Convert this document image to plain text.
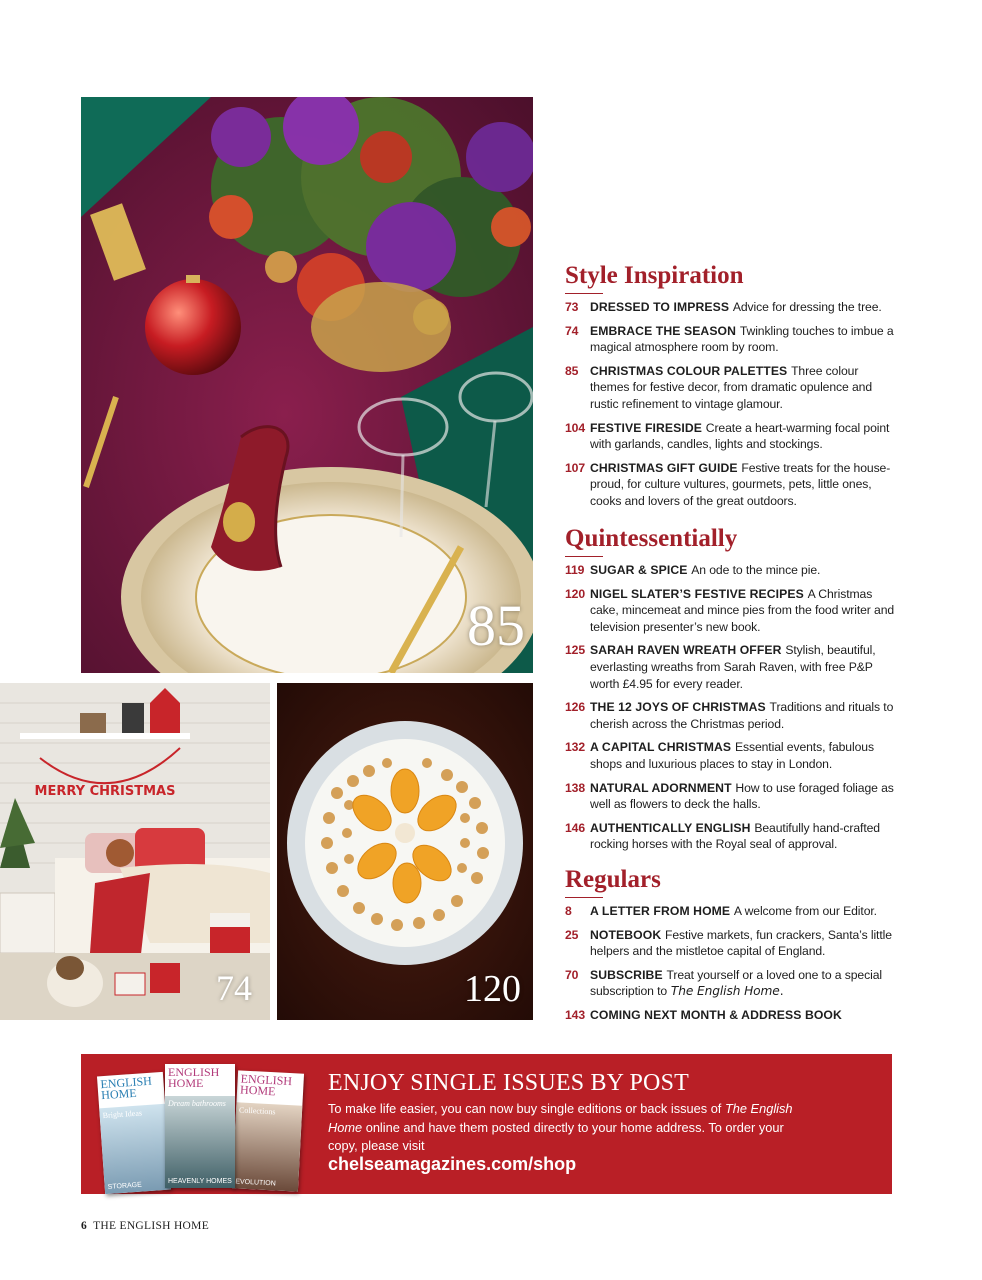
85
MERRY CHRISTMAS
74	120
Style Inspiration
73 DRESSED TO IMPRESS Advice for dressing the tree.
74 EMBRACE THE SEASON Twinkling touches to imbue a magical atmosphere room by room.
85 CHRISTMAS COLOUR PALETTES Three colour themes for festive decor, from dramatic opulence and rustic refinement to vintage glamour.
104 FESTIVE FIRESIDE Create a heart-warming focal point with garlands, candles, lights and stockings.
107 CHRISTMAS GIFT GUIDE Festive treats for the house-proud, for culture vultures, gourmets, pets, little ones, cooks and lovers of the great outdoors.
Quintessentially
119 SUGAR & SPICE An ode to the mince pie.
120 NIGEL SLATER’S FESTIVE RECIPES A Christmas cake, mincemeat and mince pies from the food writer and television presenter’s new book.
125 SARAH RAVEN WREATH OFFER Stylish, beautiful, everlasting wreaths from Sarah Raven, with free P&P worth £4.95 for every reader.
126 THE 12 JOYS OF CHRISTMAS Traditions and rituals to cherish across the Christmas period.
132 A CAPITAL CHRISTMAS Essential events, fabulous shops and luxurious places to stay in London.
138 NATURAL ADORNMENT How to use foraged foliage as well as flowers to deck the halls.
146 AUTHENTICALLY ENGLISH Beautifully hand-crafted rocking horses with the Royal seal of approval.
Regulars
8 A LETTER FROM HOME A welcome from our Editor.
25 NOTEBOOK Festive markets, fun crackers, Santa’s little helpers and the mistletoe capital of England.
70 SUBSCRIBE Treat yourself or a loved one to a special subscription to The English Home.
143 COMING NEXT MONTH & ADDRESS BOOK
ENGLISH HOME
Bright Ideas
STORAGE
ENGLISH HOME
Collections
EVOLUTION
ENGLISH HOME
Dream bathrooms
HEAVENLY HOMES
ENJOY SINGLE ISSUES BY POST

To make life easier, you can now buy single editions or back issues of The English Home online and have them posted directly to your home address. To order your copy, please visit

chelseamagazines.com/shop
6 THE ENGLISH HOME
